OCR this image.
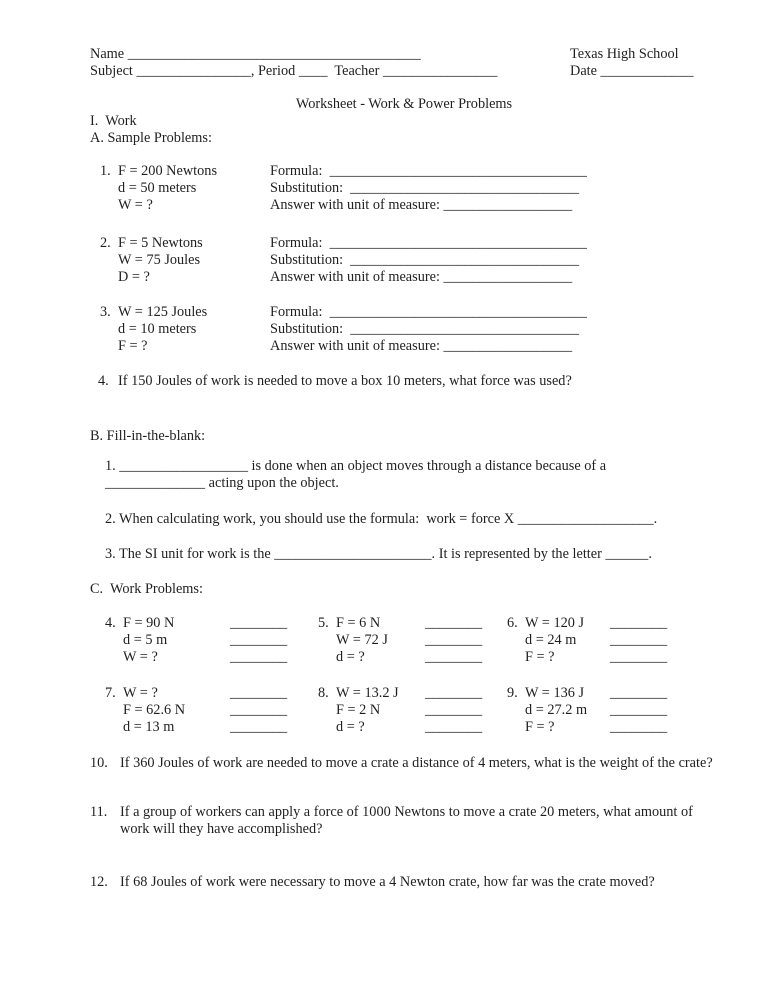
Name _________________________________________
Subject ________________, Period ____  Teacher ________________
Texas High School
Date _____________
Worksheet - Work & Power Problems
I.  Work
A. Sample Problems:
1. F = 200 Newtons
d = 50 meters
W = ?
Formula:  ____________________________________
Substitution:  ________________________________
Answer with unit of measure: __________________
2. F = 5 Newtons
W = 75 Joules
D = ?
Formula:  ____________________________________
Substitution:  ________________________________
Answer with unit of measure: __________________
3. W = 125 Joules
d = 10 meters
F = ?
Formula:  ____________________________________
Substitution:  ________________________________
Answer with unit of measure: __________________
4. If 150 Joules of work is needed to move a box 10 meters, what force was used?
B. Fill-in-the-blank:
1. __________________ is done when an object moves through a distance because of a
______________ acting upon the object.
2. When calculating work, you should use the formula:  work = force X ___________________.
3. The SI unit for work is the ______________________. It is represented by the letter ______.
C.  Work Problems:
4. F = 90 N
d = 5 m
W = ?
________
________
________
5. F = 6 N
W = 72 J
d = ?
________
________
________
6. W = 120 J
d = 24 m
F = ?
________
________
________
7. W = ?
F = 62.6 N
d = 13 m
________
________
________
8. W = 13.2 J
F = 2 N
d = ?
________
________
________
9. W = 136 J
d = 27.2 m
F = ?
________
________
________
10. If 360 Joules of work are needed to move a crate a distance of 4 meters, what is the weight of the crate?
11. If a group of workers can apply a force of 1000 Newtons to move a crate 20 meters, what amount of work will they have accomplished?
12. If 68 Joules of work were necessary to move a 4 Newton crate, how far was the crate moved?
